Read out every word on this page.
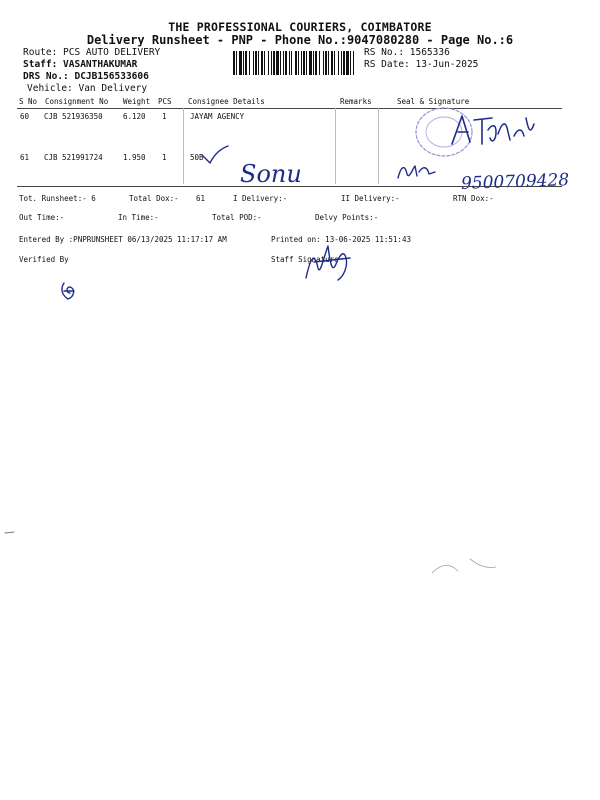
THE PROFESSIONAL COURIERS, COIMBATORE
Delivery Runsheet - PNP - Phone No.:9047080280 - Page No.:6
Route: PCS AUTO DELIVERY
Staff: VASANTHAKUMAR
DRS No.: DCJB156533606
Vehicle: Van Delivery
RS No.: 1565336
RS Date: 13-Jun-2025
S No Consignment No Weight PCS Consignee Details	Remarks	Seal & Signature
60 CJB 521936350	6.120 1	JAYAM AGENCY
61 CJB 521991724	1.950 1	50B
Tot. Runsheet:- 6	Total Dox:- 61	I Delivery:-	II Delivery:-	RTN Dox:-
Out Time:-	In Time:-	Total POD:-	Delvy Points:-
Entered By :PNPRUNSHEET 06/13/2025 11:17:17 AM	Printed on: 13-06-2025 11:51:43
Verified By	Staff Signature
Sonu	9500709428
